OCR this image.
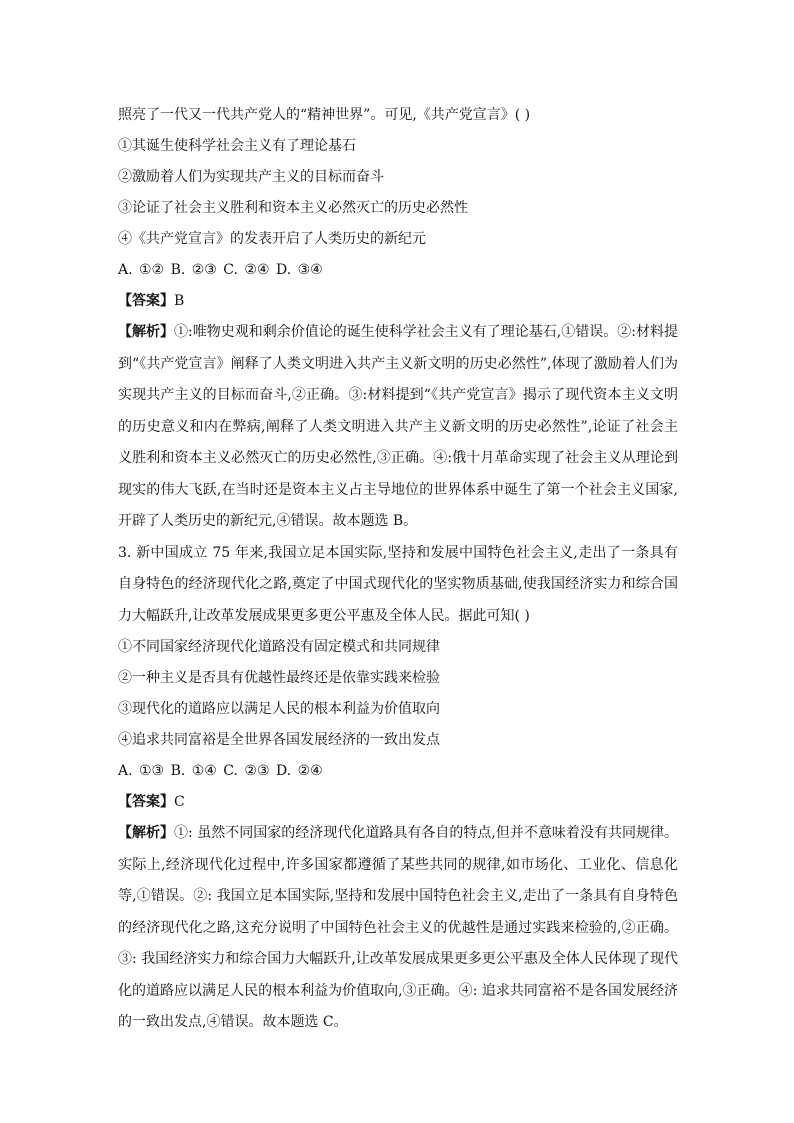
照亮了一代又一代共产党人的“精神世界”。可见,《共产党宣言》( )
①其诞生使科学社会主义有了理论基石
②激励着人们为实现共产主义的目标而奋斗
③论证了社会主义胜利和资本主义必然灭亡的历史必然性
④《共产党宣言》的发表开启了人类历史的新纪元
A. ①② B. ②③ C. ②④ D. ③④
【答案】B
【解析】①:唯物史观和剩余价值论的诞生使科学社会主义有了理论基石,①错误。②:材料提到“《共产党宣言》阐释了人类文明进入共产主义新文明的历史必然性”,体现了激励着人们为实现共产主义的目标而奋斗,②正确。③:材料提到“《共产党宣言》揭示了现代资本主义文明的历史意义和内在弊病,阐释了人类文明进入共产主义新文明的历史必然性”,论证了社会主义胜利和资本主义必然灭亡的历史必然性,③正确。④:俄十月革命实现了社会主义从理论到现实的伟大飞跃,在当时还是资本主义占主导地位的世界体系中诞生了第一个社会主义国家,开辟了人类历史的新纪元,④错误。故本题选 B。
3. 新中国成立 75 年来,我国立足本国实际,坚持和发展中国特色社会主义,走出了一条具有自身特色的经济现代化之路,奠定了中国式现代化的坚实物质基础,使我国经济实力和综合国力大幅跃升,让改革发展成果更多更公平惠及全体人民。据此可知( )
①不同国家经济现代化道路没有固定模式和共同规律
②一种主义是否具有优越性最终还是依靠实践来检验
③现代化的道路应以满足人民的根本利益为价值取向
④追求共同富裕是全世界各国发展经济的一致出发点
A. ①③ B. ①④ C. ②③ D. ②④
【答案】C
【解析】①: 虽然不同国家的经济现代化道路具有各自的特点,但并不意味着没有共同规律。实际上,经济现代化过程中,许多国家都遵循了某些共同的规律,如市场化、工业化、信息化等,①错误。②: 我国立足本国实际,坚持和发展中国特色社会主义,走出了一条具有自身特色的经济现代化之路,这充分说明了中国特色社会主义的优越性是通过实践来检验的,②正确。③: 我国经济实力和综合国力大幅跃升,让改革发展成果更多更公平惠及全体人民体现了现代化的道路应以满足人民的根本利益为价值取向,③正确。④: 追求共同富裕不是各国发展经济的一致出发点,④错误。故本题选 C。
